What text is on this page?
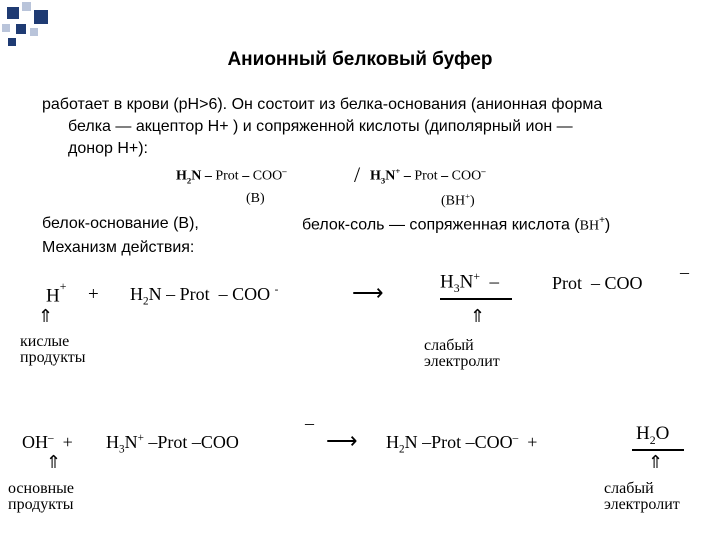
Анионный белковый буфер
работает в крови (рН>6). Он состоит из белка-основания (анионная форма
белка — акцептор Н+ ) и сопряженной кислоты (диполярный ион —
донор Н+):
$H_2N$ – Prot – COO–
(B)
/ $H_3N^+$ – Prot – COO–
(BH+)
белок-основание (В),	белок-соль — сопряженная кислота (BH+)
Механизм действия:
$H^+ + H_2N$ – Prot – COO -	⟶	$H_3N^+$ –	Prot – COO
–
⇑
кислые
продукты
⇑
слабый
электролит
$OH^- + H_3N^+$ –Prot –COO
–
⟶ $H_2N$ –Prot –COO– +	$H_2O$
⇑
основные
продукты
⇑
слабый
электролит
